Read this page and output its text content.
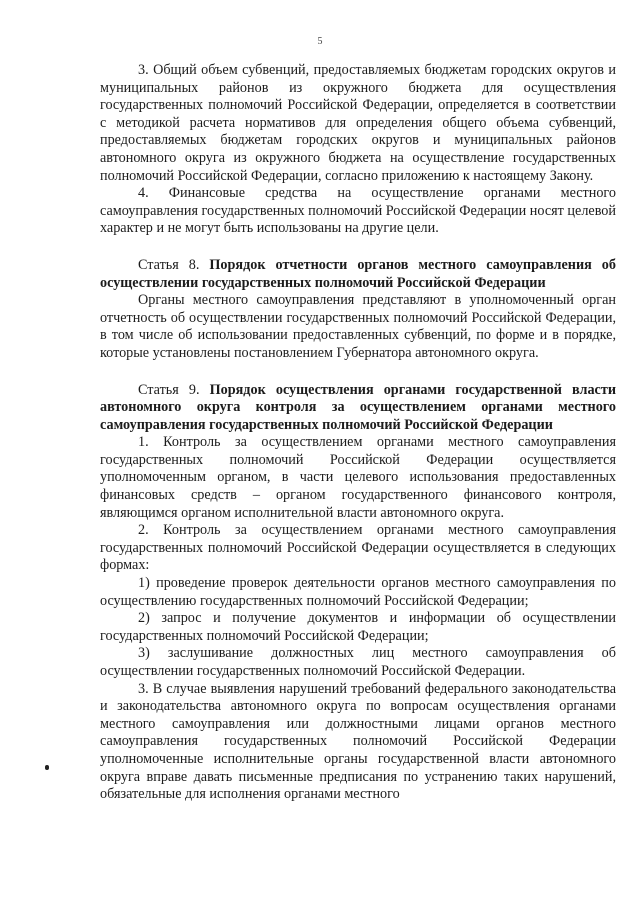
5

3. Общий объем субвенций, предоставляемых бюджетам городских округов и муниципальных районов из окружного бюджета для осуществления государственных полномочий Российской Федерации, определяется в соответствии с методикой расчета нормативов для определения общего объема субвенций, предоставляемых бюджетам городских округов и муниципальных районов автономного округа из окружного бюджета на осуществление государственных полномочий Российской Федерации, согласно приложению к настоящему Закону.

4. Финансовые средства на осуществление органами местного самоуправления государственных полномочий Российской Федерации носят целевой характер и не могут быть использованы на другие цели.

Статья 8. Порядок отчетности органов местного самоуправления об осуществлении государственных полномочий Российской Федерации

Органы местного самоуправления представляют в уполномоченный орган отчетность об осуществлении государственных полномочий Российской Федерации, в том числе об использовании предоставленных субвенций, по форме и в порядке, которые установлены постановлением Губернатора автономного округа.

Статья 9. Порядок осуществления органами государственной власти автономного округа контроля за осуществлением органами местного самоуправления государственных полномочий Российской Федерации

1. Контроль за осуществлением органами местного самоуправления государственных полномочий Российской Федерации осуществляется уполномоченным органом, в части целевого использования предоставленных финансовых средств – органом государственного финансового контроля, являющимся органом исполнительной власти автономного округа.

2. Контроль за осуществлением органами местного самоуправления государственных полномочий Российской Федерации осуществляется в следующих формах:

1) проведение проверок деятельности органов местного самоуправления по осуществлению государственных полномочий Российской Федерации;

2) запрос и получение документов и информации об осуществлении государственных полномочий Российской Федерации;

3) заслушивание должностных лиц местного самоуправления об осуществлении государственных полномочий Российской Федерации.

3. В случае выявления нарушений требований федерального законодательства и законодательства автономного округа по вопросам осуществления органами местного самоуправления или должностными лицами органов местного самоуправления государственных полномочий Российской Федерации уполномоченные исполнительные органы государственной власти автономного округа вправе давать письменные предписания по устранению таких нарушений, обязательные для исполнения органами местного
